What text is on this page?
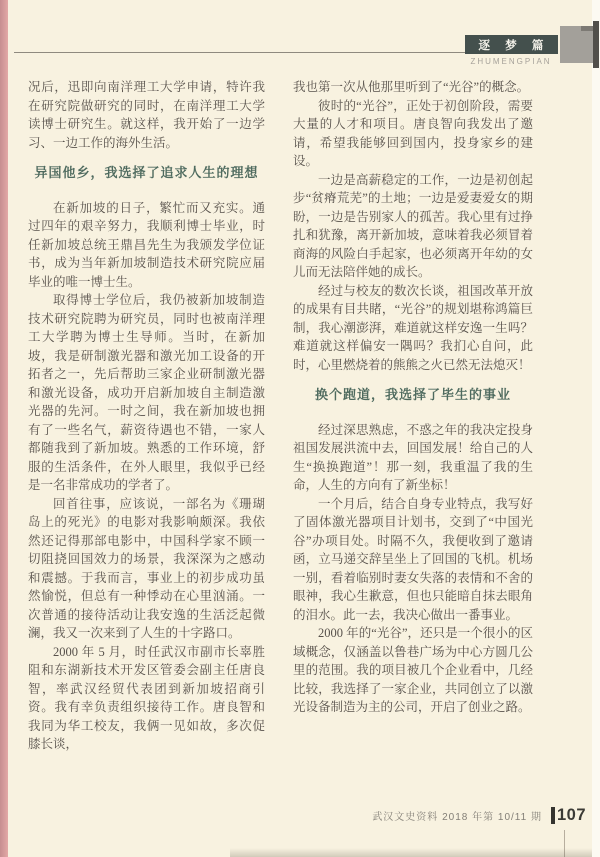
逐 梦 篇
ZHUMENGPIAN

况后，迅即向南洋理工大学申请，特许我在研究院做研究的同时，在南洋理工大学读博士研究生。就这样，我开始了一边学习、一边工作的海外生活。

异国他乡，我选择了追求人生的理想

在新加坡的日子，繁忙而又充实。通过四年的艰辛努力，我顺利博士毕业，时任新加坡总统王鼎昌先生为我颁发学位证书，成为当年新加坡制造技术研究院应届毕业的唯一博士生。

取得博士学位后，我仍被新加坡制造技术研究院聘为研究员，同时也被南洋理工大学聘为博士生导师。当时，在新加坡，我是研制激光器和激光加工设备的开拓者之一，先后帮助三家企业研制激光器和激光设备，成功开启新加坡自主制造激光器的先河。一时之间，我在新加坡也拥有了一些名气，薪资待遇也不错，一家人都随我到了新加坡。熟悉的工作环境，舒服的生活条件，在外人眼里，我似乎已经是一名非常成功的学者了。

回首往事，应该说，一部名为《珊瑚岛上的死光》的电影对我影响颇深。我依然还记得那部电影中，中国科学家不顾一切阻挠回国效力的场景，我深深为之感动和震撼。于我而言，事业上的初步成功虽然愉悦，但总有一种悸动在心里汹涌。一次普通的接待活动让我安逸的生活泛起微澜，我又一次来到了人生的十字路口。

2000 年 5 月，时任武汉市副市长辜胜阻和东湖新技术开发区管委会副主任唐良智，率武汉经贸代表团到新加坡招商引资。我有幸负责组织接待工作。唐良智和我同为华工校友，我俩一见如故，多次促膝长谈，

我也第一次从他那里听到了“光谷”的概念。

彼时的“光谷”，正处于初创阶段，需要大量的人才和项目。唐良智向我发出了邀请，希望我能够回到国内，投身家乡的建设。

一边是高薪稳定的工作，一边是初创起步“贫瘠荒芜”的土地；一边是爱妻爱女的期盼，一边是告别家人的孤苦。我心里有过挣扎和犹豫，离开新加坡，意味着我必须冒着商海的风险白手起家，也必须离开年幼的女儿而无法陪伴她的成长。

经过与校友的数次长谈，祖国改革开放的成果有目共睹，“光谷”的规划堪称鸿篇巨制，我心潮澎湃，难道就这样安逸一生吗？难道就这样偏安一隅吗？我扪心自问，此时，心里燃烧着的熊熊之火已然无法熄灭！

换个跑道，我选择了毕生的事业

经过深思熟虑，不惑之年的我决定投身祖国发展洪流中去，回国发展！给自己的人生“换换跑道”！那一刻，我重温了我的生命，人生的方向有了新坐标！

一个月后，结合自身专业特点，我写好了固体激光器项目计划书，交到了“中国光谷”办项目处。时隔不久，我便收到了邀请函，立马递交辞呈坐上了回国的飞机。机场一别，看着临别时妻女失落的表情和不舍的眼神，我心生歉意，但也只能暗自抹去眼角的泪水。此一去，我决心做出一番事业。

2000 年的“光谷”，还只是一个很小的区域概念，仅涵盖以鲁巷广场为中心方圆几公里的范围。我的项目被几个企业看中，几经比较，我选择了一家企业，共同创立了以激光设备制造为主的公司，开启了创业之路。

武汉文史资料 2018 年第 10/11 期 107
